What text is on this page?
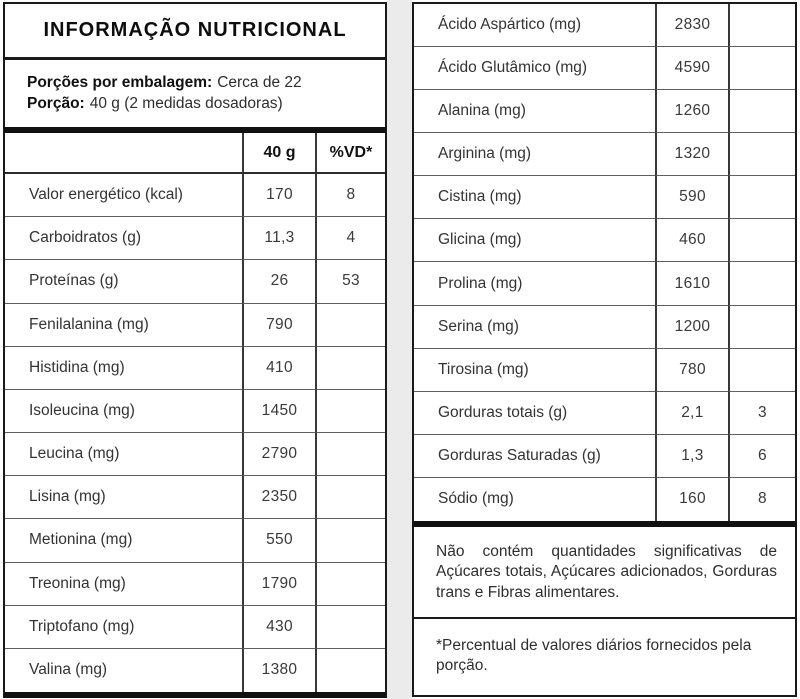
INFORMAÇÃO NUTRICIONAL
Porções por embalagem: Cerca de 22
Porção: 40 g (2 medidas dosadoras)
40 g	%VD*
Valor energético (kcal)	170	8
Carboidratos (g)	11,3	4
Proteínas (g)	26	53
Fenilalanina (mg)	790
Histidina (mg)	410
Isoleucina (mg)	1450
Leucina (mg)	2790
Lisina (mg)	2350
Metionina (mg)	550
Treonina (mg)	1790
Triptofano (mg)	430
Valina (mg)	1380
Ácido Aspártico (mg)	2830
Ácido Glutâmico (mg)	4590
Alanina (mg)	1260
Arginina (mg)	1320
Cistina (mg)	590
Glicina (mg)	460
Prolina (mg)	1610
Serina (mg)	1200
Tirosina (mg)	780
Gorduras totais (g)	2,1	3
Gorduras Saturadas (g)	1,3	6
Sódio (mg)	160	8
Não contém quantidades significativas de Açúcares totais, Açúcares adicionados, Gorduras trans e Fibras alimentares.
*Percentual de valores diários fornecidos pela porção.
